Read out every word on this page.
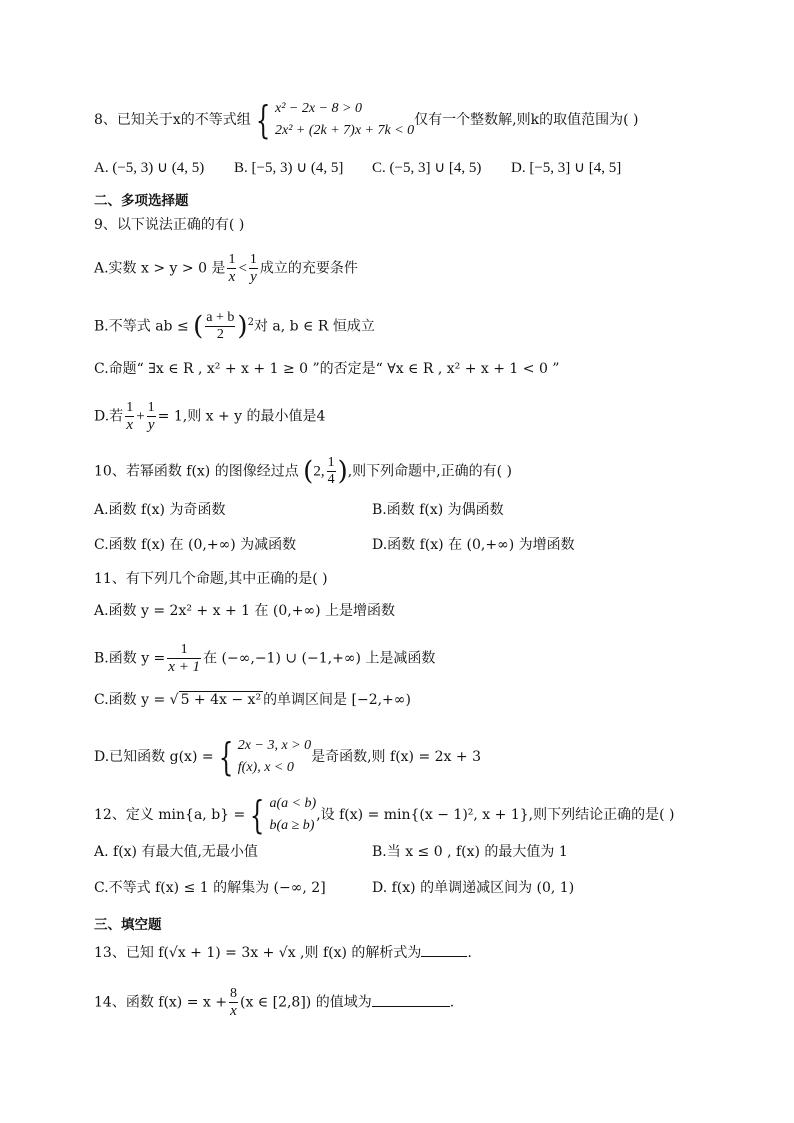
8、已知关于x的不等式组 { x² − 2x − 8 > 0
2x² + (2k + 7)x + 7k < 0
仅有一个整数解,则k的取值范围为( )
A. (−5, 3) ∪ (4, 5) B. [−5, 3) ∪ (4, 5] C. (−5, 3] ∪ [4, 5) D. [−5, 3] ∪ [4, 5]
二、多项选择题
9、以下说法正确的有( )
A.实数 x > y > 0 是 $\frac{1}{x} < \frac{1}{y}$ 成立的充要条件
B.不等式 ab ≤ ( $\frac{a + b}{2} )^2$对 a, b ∈ R 恒成立
C.命题“ ∃x ∈ R , x² + x + 1 ≥ 0 ”的否定是“ ∀x ∈ R , x² + x + 1 < 0 ”
D.若 $\frac{1}{x} + \frac{1}{y} = 1$,则 x + y 的最小值是4
10、若幂函数 f(x) 的图像经过点 (2, $\frac{1}{4}$ ),则下列命题中,正确的有( )
A.函数 f(x) 为奇函数	B.函数 f(x) 为偶函数
C.函数 f(x) 在 (0,+∞) 为减函数	D.函数 f(x) 在 (0,+∞) 为增函数
11、有下列几个命题,其中正确的是( )
A.函数 y = 2x² + x + 1 在 (0,+∞) 上是增函数
B.函数 $y = \frac{1}{x + 1}$ 在 (−∞,−1) ∪ (−1,+∞) 上是减函数
C.函数 y = √ 5 + 4x − x² 的单调区间是 [−2,+∞)
D.已知函数 g(x) = { 2x − 3, x > 0
f(x), x < 0
是奇函数,则 f(x) = 2x + 3
12、定义 min{a, b} = { a(a < b)
b(a ≥ b)
,设 f(x) = min{(x − 1)², x + 1},则下列结论正确的是( )
A. f(x) 有最大值,无最小值	B.当 x ≤ 0 , f(x) 的最大值为 1
C.不等式 f(x) ≤ 1 的解集为 (−∞, 2]	D. f(x) 的单调递减区间为 (0, 1)
三、填空题
13、已知 f(√x + 1) = 3x + √x ,则 f(x) 的解析式为	.
14、函数 $f(x) = x + \frac{8}{x} (x$ ∈ [2,8]) 的值域为	.
